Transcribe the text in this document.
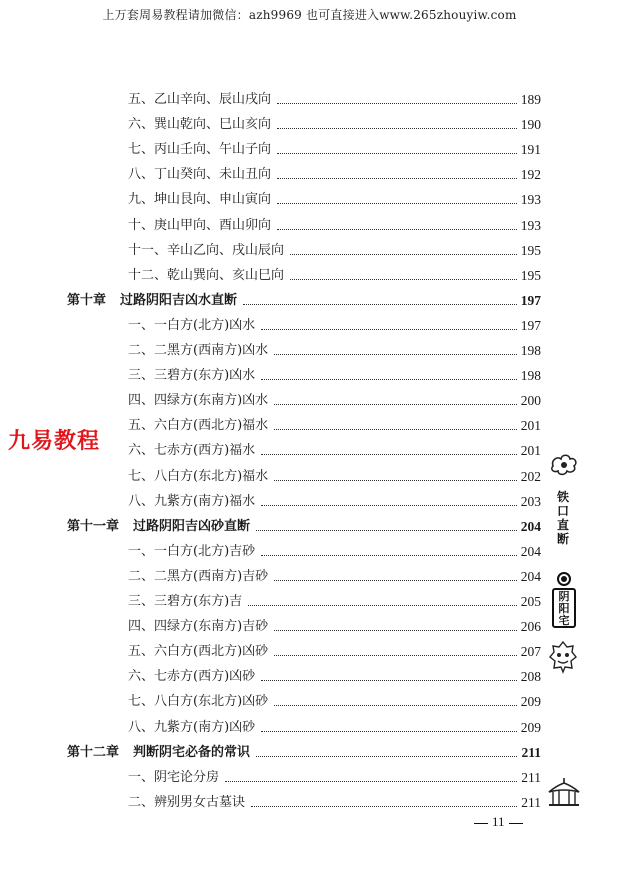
上万套周易教程请加微信：azh9969 也可直接进入www.265zhouyiw.com
五、乙山辛向、辰山戌向	189
六、巽山乾向、巳山亥向	190
七、丙山壬向、午山子向	191
八、丁山癸向、未山丑向	192
九、坤山艮向、申山寅向	193
十、庚山甲向、酉山卯向	193
十一、辛山乙向、戌山辰向	195
十二、乾山巽向、亥山巳向	195
第十章 过路阴阳吉凶水直断	197
一、一白方(北方)凶水	197
二、二黑方(西南方)凶水	198
三、三碧方(东方)凶水	198
四、四绿方(东南方)凶水	200
五、六白方(西北方)福水	201
六、七赤方(西方)福水	201
七、八白方(东北方)福水	202
八、九紫方(南方)福水	203
第十一章 过路阴阳吉凶砂直断	204
一、一白方(北方)吉砂	204
二、二黑方(西南方)吉砂	204
三、三碧方(东方)吉	205
四、四绿方(东南方)吉砂	206
五、六白方(西北方)凶砂	207
六、七赤方(西方)凶砂	208
七、八白方(东北方)凶砂	209
八、九紫方(南方)凶砂	209
第十二章 判断阴宅必备的常识	211
一、阴宅论分房	211
二、辨别男女古墓诀	211
九易教程
铁口直断
阴阳宅
11
